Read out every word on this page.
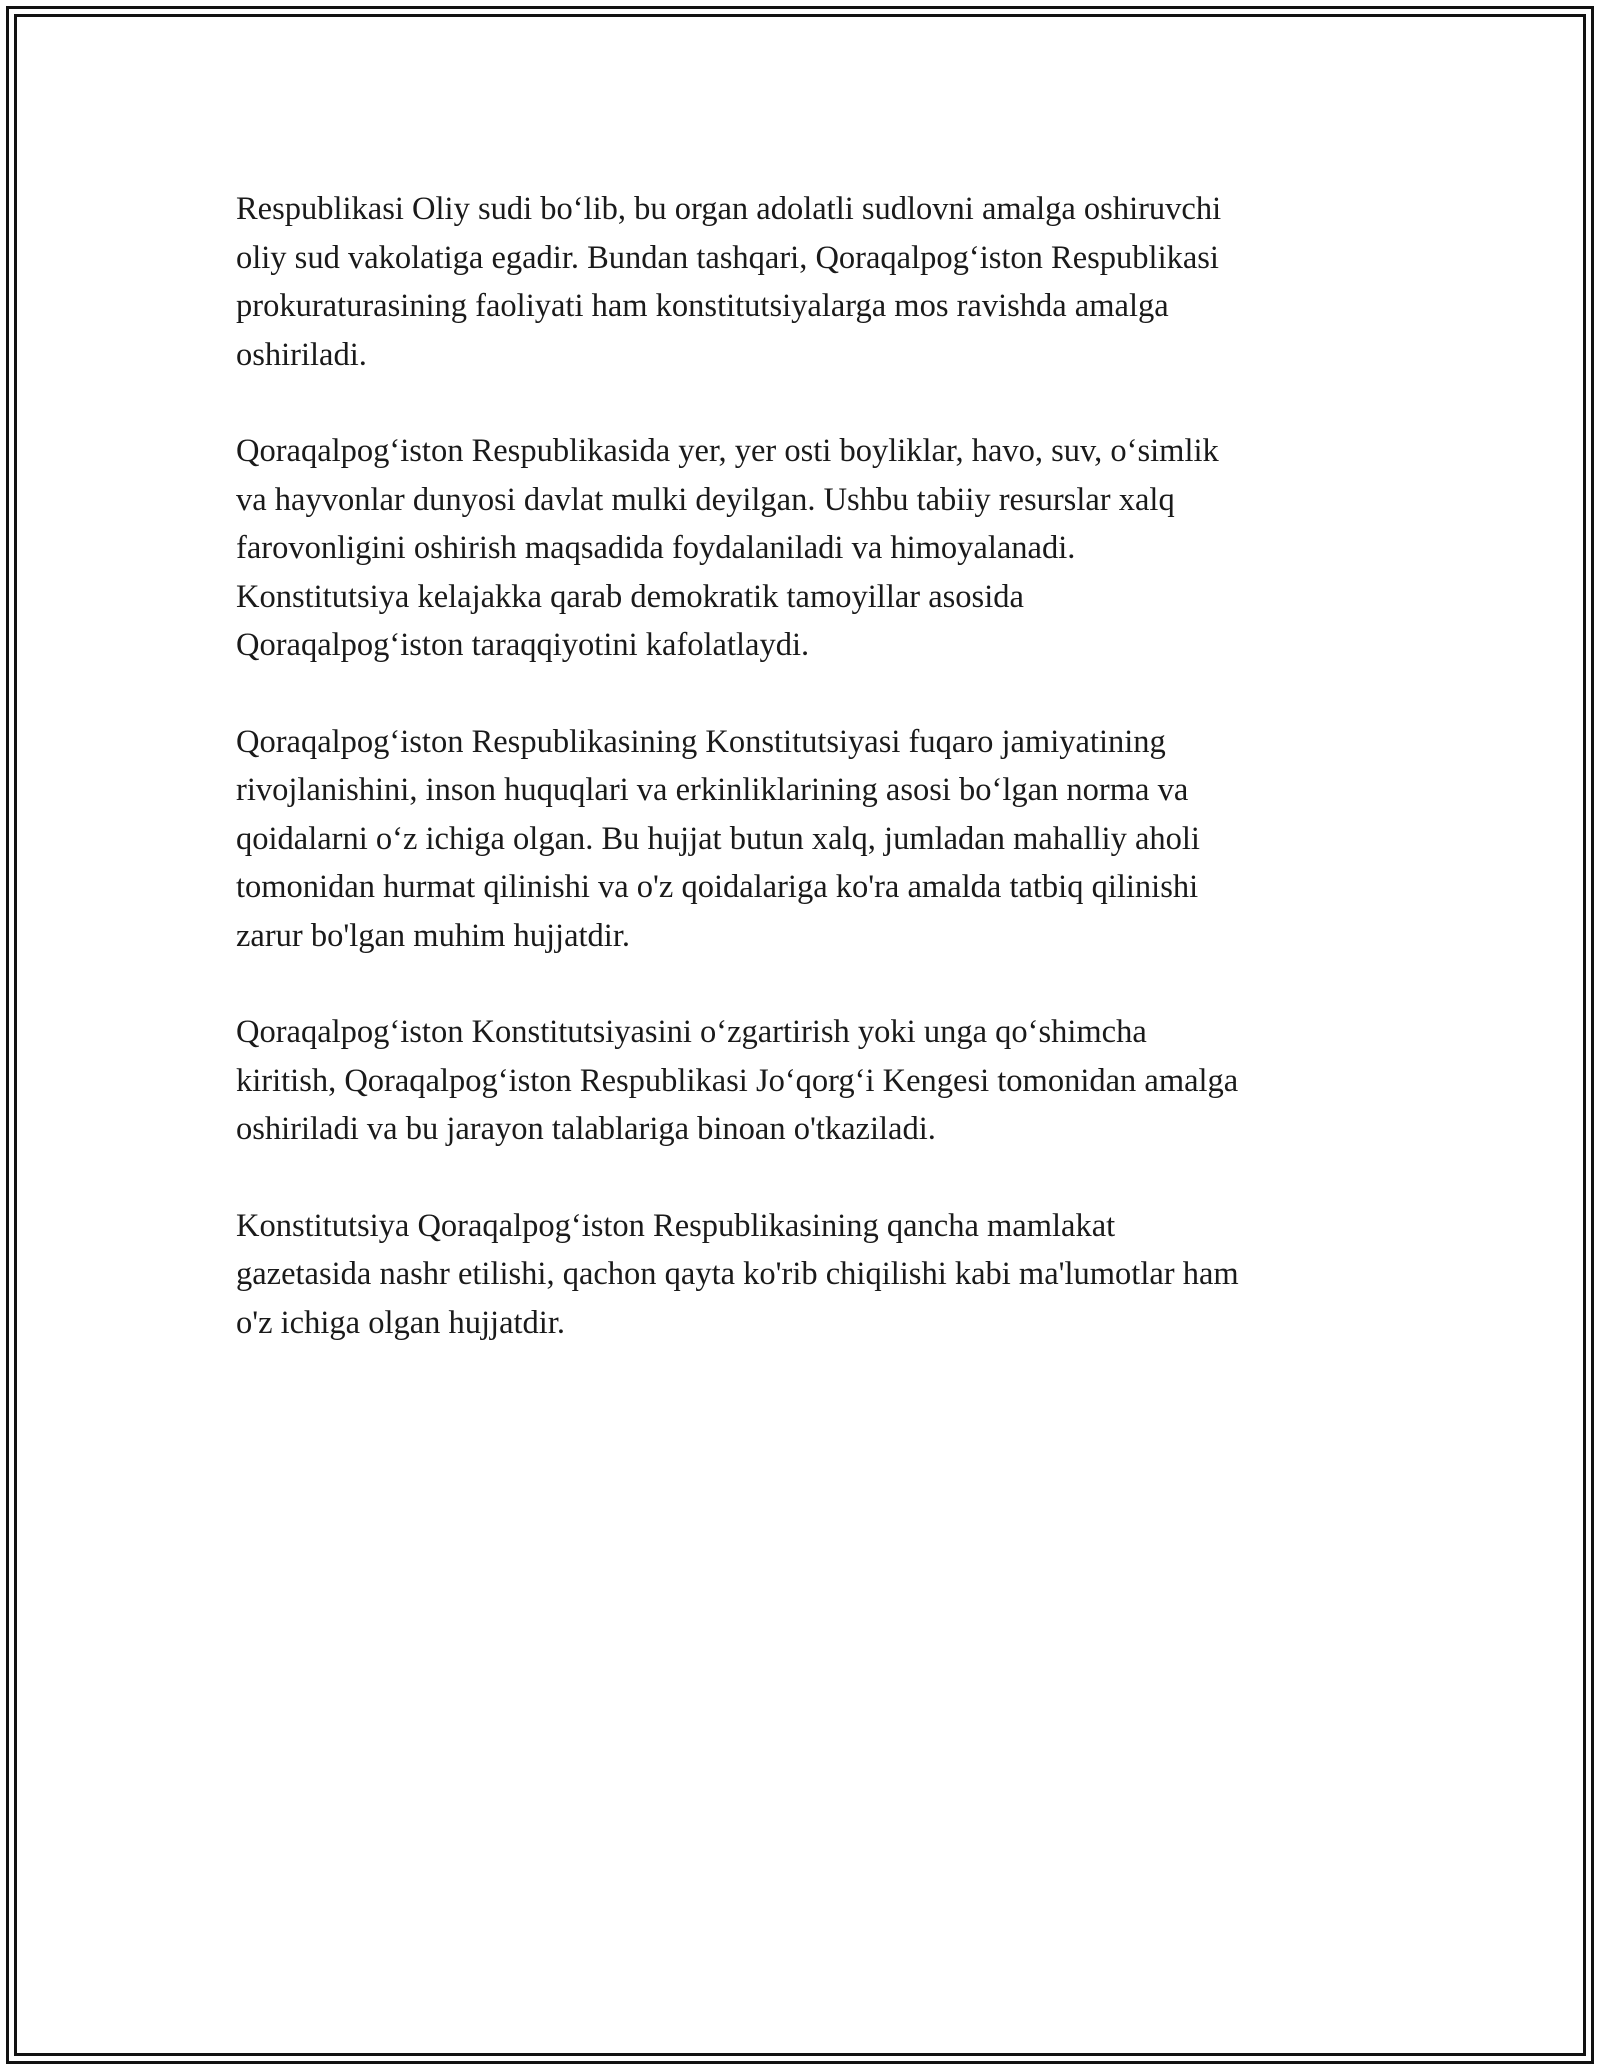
Respublikasi Oliy sudi bo‘lib, bu organ adolatli sudlovni amalga oshiruvchi
oliy sud vakolatiga egadir. Bundan tashqari, Qoraqalpog‘iston Respublikasi
prokuraturasining faoliyati ham konstitutsiyalarga mos ravishda amalga
oshiriladi.

Qoraqalpog‘iston Respublikasida yer, yer osti boyliklar, havo, suv, o‘simlik
va hayvonlar dunyosi davlat mulki deyilgan. Ushbu tabiiy resurslar xalq
farovonligini oshirish maqsadida foydalaniladi va himoyalanadi.
Konstitutsiya kelajakka qarab demokratik tamoyillar asosida
Qoraqalpog‘iston taraqqiyotini kafolatlaydi.

Qoraqalpog‘iston Respublikasining Konstitutsiyasi fuqaro jamiyatining
rivojlanishini, inson huquqlari va erkinliklarining asosi bo‘lgan norma va
qoidalarni o‘z ichiga olgan. Bu hujjat butun xalq, jumladan mahalliy aholi
tomonidan hurmat qilinishi va o'z qoidalariga ko'ra amalda tatbiq qilinishi
zarur bo'lgan muhim hujjatdir.

Qoraqalpog‘iston Konstitutsiyasini o‘zgartirish yoki unga qo‘shimcha
kiritish, Qoraqalpog‘iston Respublikasi Jo‘qorg‘i Kengesi tomonidan amalga
oshiriladi va bu jarayon talablariga binoan o'tkaziladi.

Konstitutsiya Qoraqalpog‘iston Respublikasining qancha mamlakat
gazetasida nashr etilishi, qachon qayta ko'rib chiqilishi kabi ma'lumotlar ham
o'z ichiga olgan hujjatdir.
